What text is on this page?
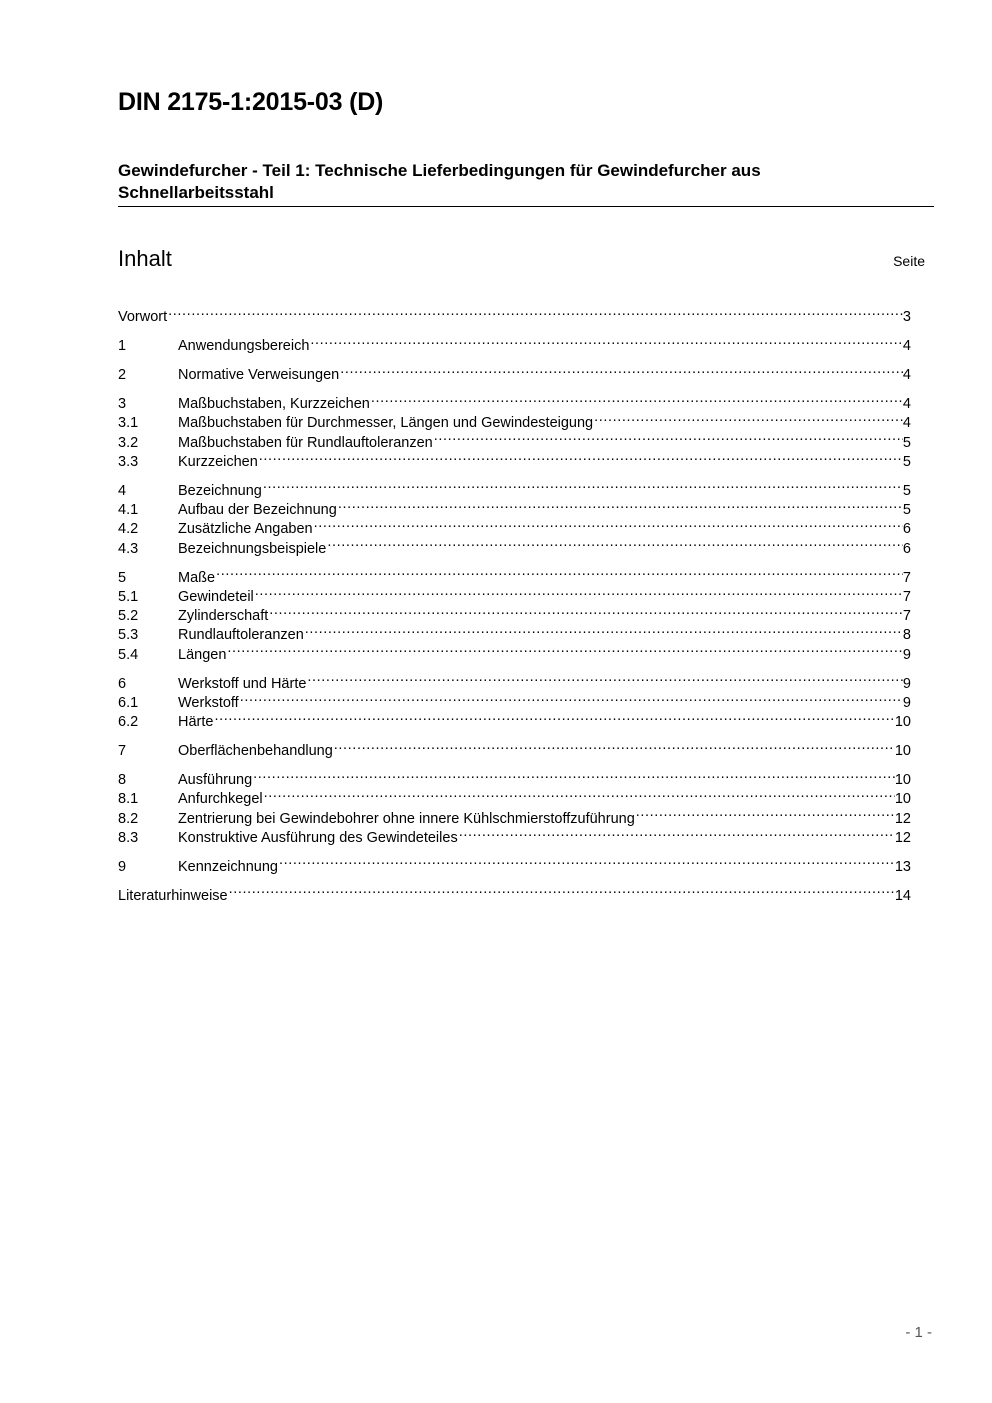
DIN 2175-1:2015-03 (D)
Gewindefurcher - Teil 1: Technische Lieferbedingungen für Gewindefurcher aus Schnellarbeitsstahl
Inhalt	Seite
Vorwort .....	3
1	Anwendungsbereich .....	4
2	Normative Verweisungen .....	4
3	Maßbuchstaben, Kurzzeichen .....	4
3.1	Maßbuchstaben für Durchmesser, Längen und Gewindesteigung .....	4
3.2	Maßbuchstaben für Rundlauftoleranzen .....	5
3.3	Kurzzeichen .....	5
4	Bezeichnung .....	5
4.1	Aufbau der Bezeichnung .....	5
4.2	Zusätzliche Angaben .....	6
4.3	Bezeichnungsbeispiele .....	6
5	Maße .....	7
5.1	Gewindeteil .....	7
5.2	Zylinderschaft .....	7
5.3	Rundlauftoleranzen .....	8
5.4	Längen .....	9
6	Werkstoff und Härte .....	9
6.1	Werkstoff .....	9
6.2	Härte .....	10
7	Oberflächenbehandlung .....	10
8	Ausführung .....	10
8.1	Anfurchkegel .....	10
8.2	Zentrierung bei Gewindebohrer ohne innere Kühlschmierstoffzuführung .....	12
8.3	Konstruktive Ausführung des Gewindeteiles .....	12
9	Kennzeichnung .....	13
Literaturhinweise .....	14
- 1 -
